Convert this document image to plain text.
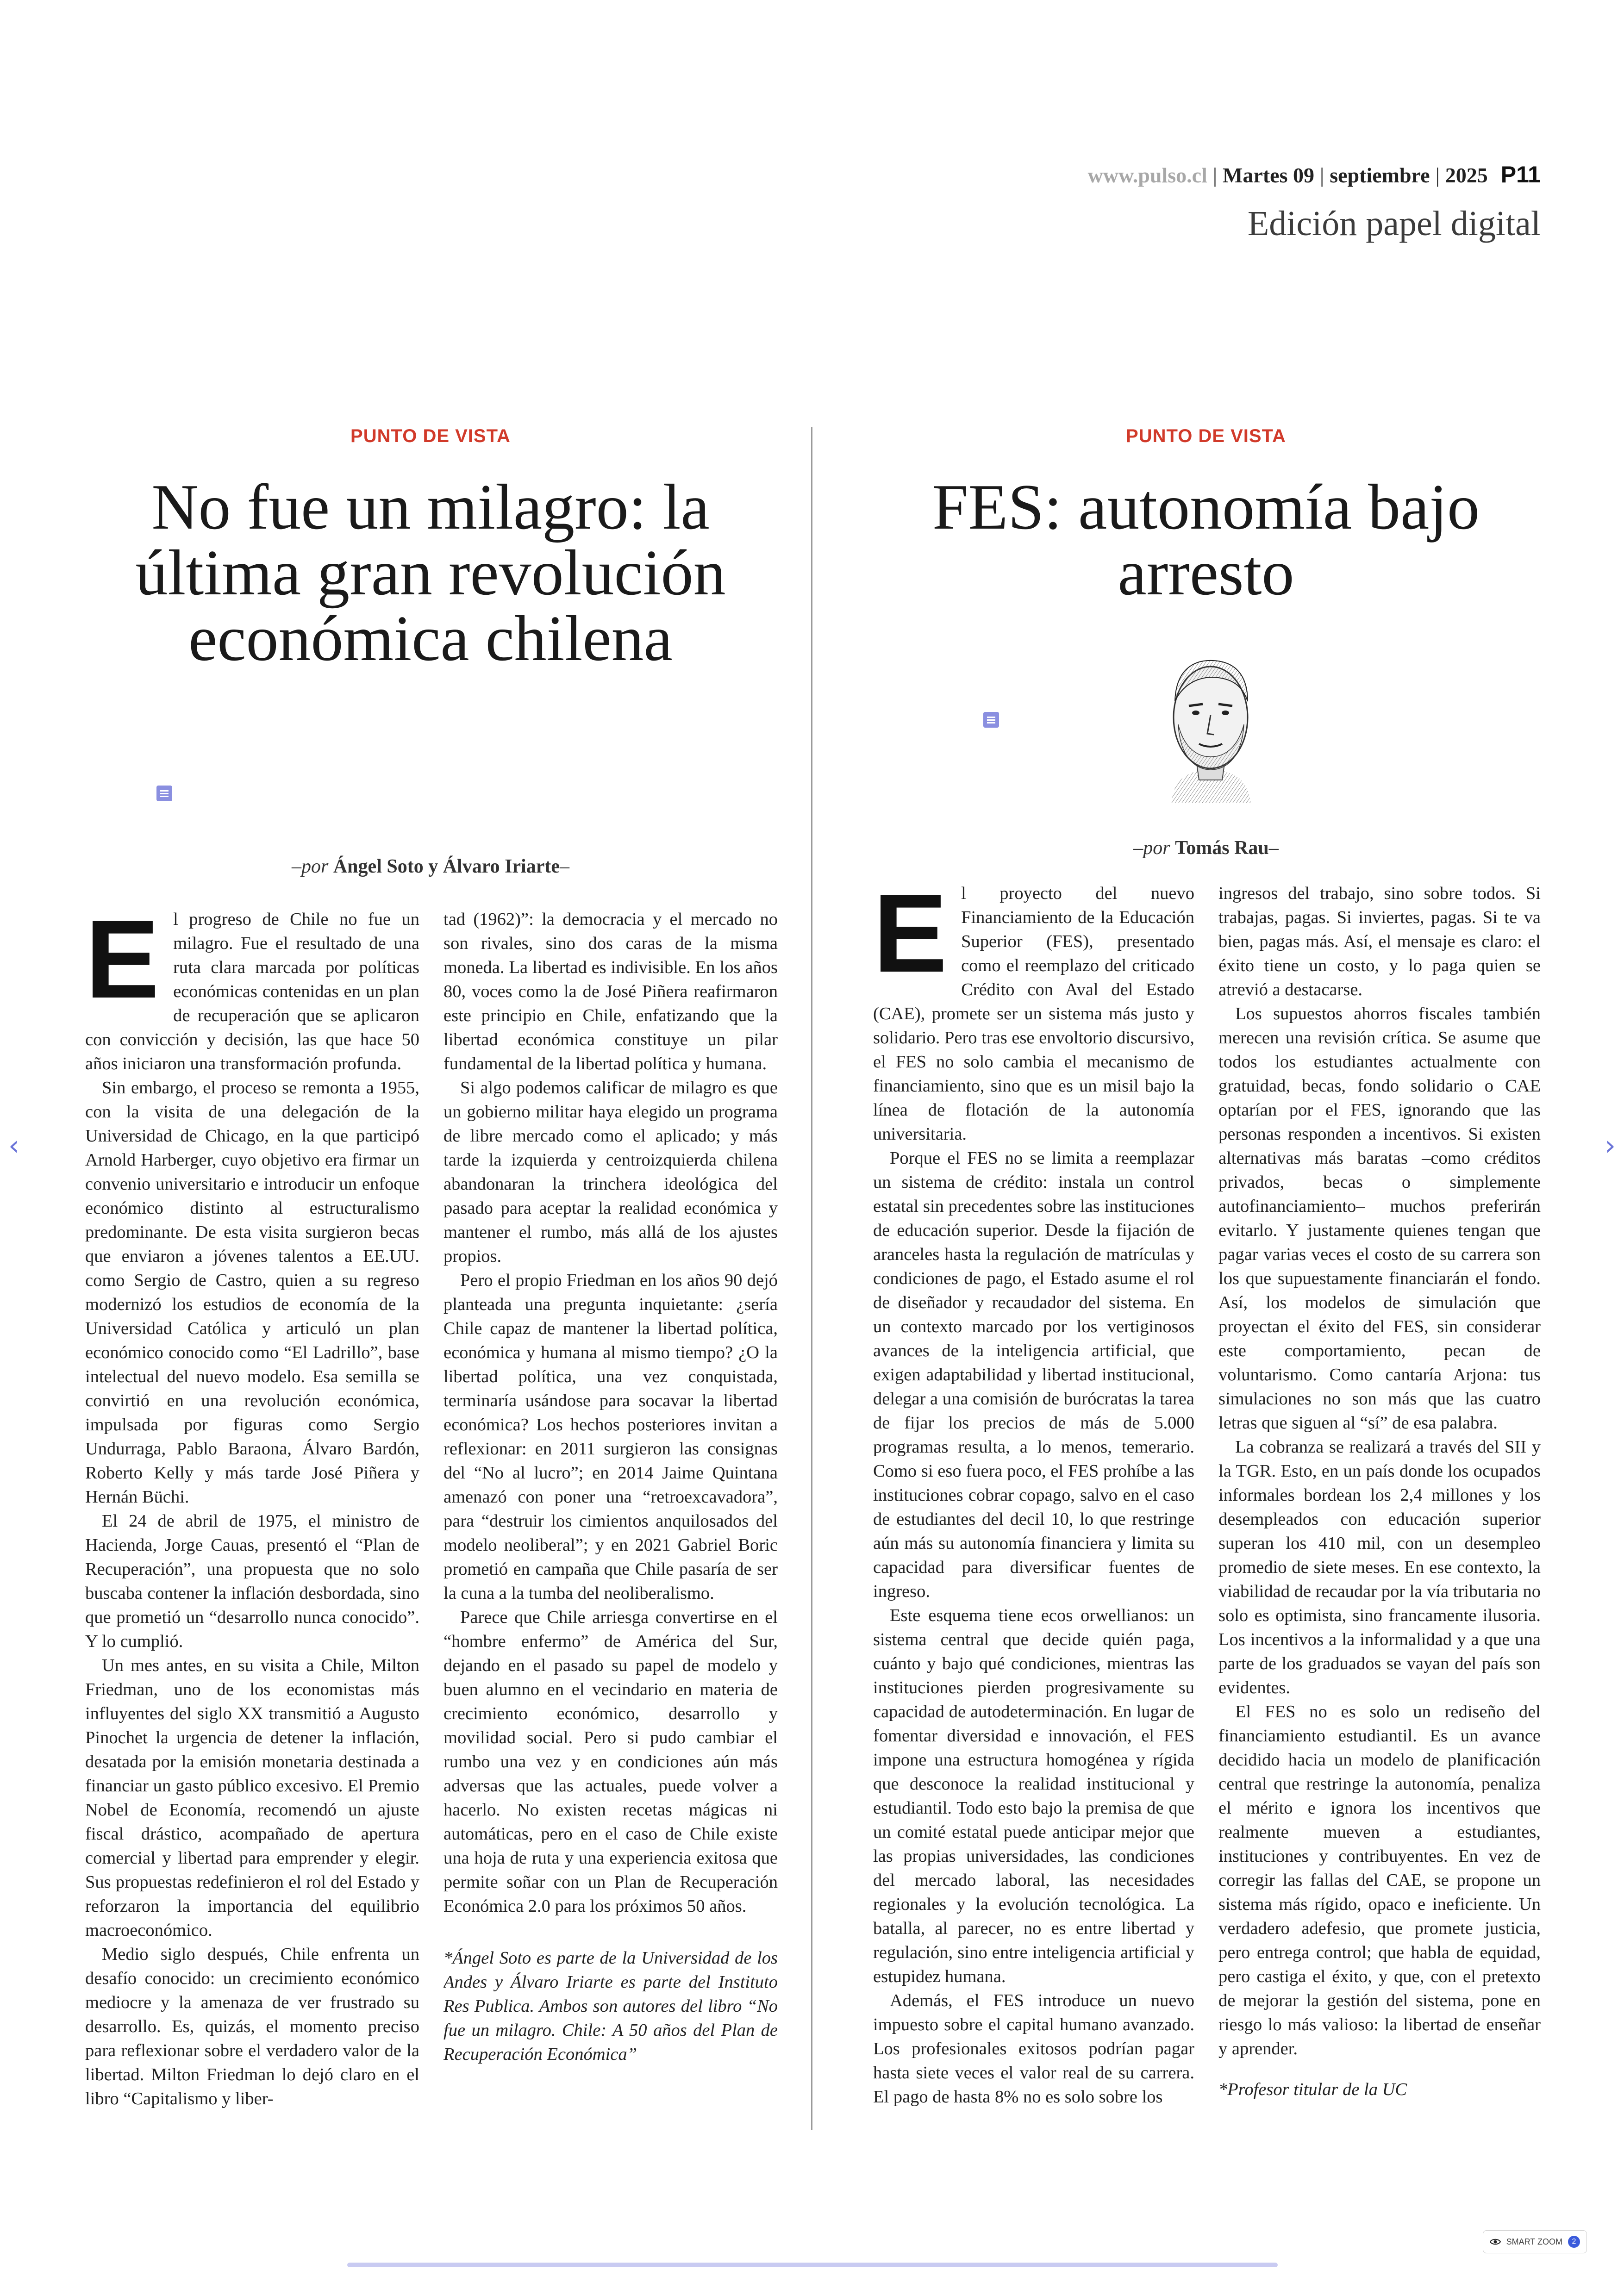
www.pulso.cl | Martes 09 | septiembre | 2025 P11
Edición papel digital
PUNTO DE VISTA
No fue un milagro: la última gran revolución económica chilena
–por Ángel Soto y Álvaro Iriarte–
E l progreso de Chile no fue un milagro. Fue el resultado de una ruta clara marcada por políticas económicas contenidas en un plan de recuperación que se aplicaron con convicción y decisión, las que hace 50 años iniciaron una transformación profunda.

Sin embargo, el proceso se remonta a 1955, con la visita de una delegación de la Universidad de Chicago, en la que participó Arnold Harberger, cuyo objetivo era firmar un convenio universitario e introducir un enfoque económico distinto al estructuralismo predominante. De esta visita surgieron becas que enviaron a jóvenes talentos a EE.UU. como Sergio de Castro, quien a su regreso modernizó los estudios de economía de la Universidad Católica y articuló un plan económico conocido como “El Ladrillo”, base intelectual del nuevo modelo. Esa semilla se convirtió en una revolución económica, impulsada por figuras como Sergio Undurraga, Pablo Baraona, Álvaro Bardón, Roberto Kelly y más tarde José Piñera y Hernán Büchi.

El 24 de abril de 1975, el ministro de Hacienda, Jorge Cauas, presentó el “Plan de Recuperación”, una propuesta que no solo buscaba contener la inflación desbordada, sino que prometió un “desarrollo nunca conocido”. Y lo cumplió.

Un mes antes, en su visita a Chile, Milton Friedman, uno de los economistas más influyentes del siglo XX transmitió a Augusto Pinochet la urgencia de detener la inflación, desatada por la emisión monetaria destinada a financiar un gasto público excesivo. El Premio Nobel de Economía, recomendó un ajuste fiscal drástico, acompañado de apertura comercial y libertad para emprender y elegir. Sus propuestas redefinieron el rol del Estado y reforzaron la importancia del equilibrio macroeconómico.

Medio siglo después, Chile enfrenta un desafío conocido: un crecimiento económico mediocre y la amenaza de ver frustrado su desarrollo. Es, quizás, el momento preciso para reflexionar sobre el verdadero valor de la libertad. Milton Friedman lo dejó claro en el libro “Capitalismo y liber-

tad (1962)”: la democracia y el mercado no son rivales, sino dos caras de la misma moneda. La libertad es indivisible. En los años 80, voces como la de José Piñera reafirmaron este principio en Chile, enfatizando que la libertad económica constituye un pilar fundamental de la libertad política y humana.

Si algo podemos calificar de milagro es que un gobierno militar haya elegido un programa de libre mercado como el aplicado; y más tarde la izquierda y centroizquierda chilena abandonaran la trinchera ideológica del pasado para aceptar la realidad económica y mantener el rumbo, más allá de los ajustes propios.

Pero el propio Friedman en los años 90 dejó planteada una pregunta inquietante: ¿sería Chile capaz de mantener la libertad política, económica y humana al mismo tiempo? ¿O la libertad política, una vez conquistada, terminaría usándose para socavar la libertad económica? Los hechos posteriores invitan a reflexionar: en 2011 surgieron las consignas del “No al lucro”; en 2014 Jaime Quintana amenazó con poner una “retroexcavadora”, para “destruir los cimientos anquilosados del modelo neoliberal”; y en 2021 Gabriel Boric prometió en campaña que Chile pasaría de ser la cuna a la tumba del neoliberalismo.

Parece que Chile arriesga convertirse en el “hombre enfermo” de América del Sur, dejando en el pasado su papel de modelo y buen alumno en el vecindario en materia de crecimiento económico, desarrollo y movilidad social. Pero si pudo cambiar el rumbo una vez y en condiciones aún más adversas que las actuales, puede volver a hacerlo. No existen recetas mágicas ni automáticas, pero en el caso de Chile existe una hoja de ruta y una experiencia exitosa que permite soñar con un Plan de Recuperación Económica 2.0 para los próximos 50 años.

*Ángel Soto es parte de la Universidad de los Andes y Álvaro Iriarte es parte del Instituto Res Publica. Ambos son autores del libro “No fue un milagro. Chile: A 50 años del Plan de Recuperación Económica”

PUNTO DE VISTA
FES: autonomía bajo arresto
–por Tomás Rau–
E l proyecto del nuevo Financiamiento de la Educación Superior (FES), presentado como el reemplazo del criticado Crédito con Aval del Estado (CAE), promete ser un sistema más justo y solidario. Pero tras ese envoltorio discursivo, el FES no solo cambia el mecanismo de financiamiento, sino que es un misil bajo la línea de flotación de la autonomía universitaria.

Porque el FES no se limita a reemplazar un sistema de crédito: instala un control estatal sin precedentes sobre las instituciones de educación superior. Desde la fijación de aranceles hasta la regulación de matrículas y condiciones de pago, el Estado asume el rol de diseñador y recaudador del sistema. En un contexto marcado por los vertiginosos avances de la inteligencia artificial, que exigen adaptabilidad y libertad institucional, delegar a una comisión de burócratas la tarea de fijar los precios de más de 5.000 programas resulta, a lo menos, temerario. Como si eso fuera poco, el FES prohíbe a las instituciones cobrar copago, salvo en el caso de estudiantes del decil 10, lo que restringe aún más su autonomía financiera y limita su capacidad para diversificar fuentes de ingreso.

Este esquema tiene ecos orwellianos: un sistema central que decide quién paga, cuánto y bajo qué condiciones, mientras las instituciones pierden progresivamente su capacidad de autodeterminación. En lugar de fomentar diversidad e innovación, el FES impone una estructura homogénea y rígida que desconoce la realidad institucional y estudiantil. Todo esto bajo la premisa de que un comité estatal puede anticipar mejor que las propias universidades, las condiciones del mercado laboral, las necesidades regionales y la evolución tecnológica. La batalla, al parecer, no es entre libertad y regulación, sino entre inteligencia artificial y estupidez humana.

Además, el FES introduce un nuevo impuesto sobre el capital humano avanzado. Los profesionales exitosos podrían pagar hasta siete veces el valor real de su carrera. El pago de hasta 8% no es solo sobre los

ingresos del trabajo, sino sobre todos. Si trabajas, pagas. Si inviertes, pagas. Si te va bien, pagas más. Así, el mensaje es claro: el éxito tiene un costo, y lo paga quien se atrevió a destacarse.

Los supuestos ahorros fiscales también merecen una revisión crítica. Se asume que todos los estudiantes actualmente con gratuidad, becas, fondo solidario o CAE optarían por el FES, ignorando que las personas responden a incentivos. Si existen alternativas más baratas –como créditos privados, becas o simplemente autofinanciamiento– muchos preferirán evitarlo. Y justamente quienes tengan que pagar varias veces el costo de su carrera son los que supuestamente financiarán el fondo. Así, los modelos de simulación que proyectan el éxito del FES, sin considerar este comportamiento, pecan de voluntarismo. Como cantaría Arjona: tus simulaciones no son más que las cuatro letras que siguen al “sí” de esa palabra.

La cobranza se realizará a través del SII y la TGR. Esto, en un país donde los ocupados informales bordean los 2,4 millones y los desempleados con educación superior superan los 410 mil, con un desempleo promedio de siete meses. En ese contexto, la viabilidad de recaudar por la vía tributaria no solo es optimista, sino francamente ilusoria. Los incentivos a la informalidad y a que una parte de los graduados se vayan del país son evidentes.

El FES no es solo un rediseño del financiamiento estudiantil. Es un avance decidido hacia un modelo de planificación central que restringe la autonomía, penaliza el mérito e ignora los incentivos que realmente mueven a estudiantes, instituciones y contribuyentes. En vez de corregir las fallas del CAE, se propone un sistema más rígido, opaco e ineficiente. Un verdadero adefesio, que promete justicia, pero entrega control; que habla de equidad, pero castiga el éxito, y que, con el pretexto de mejorar la gestión del sistema, pone en riesgo lo más valioso: la libertad de enseñar y aprender.

*Profesor titular de la UC

‹	›
SMART ZOOM	2
